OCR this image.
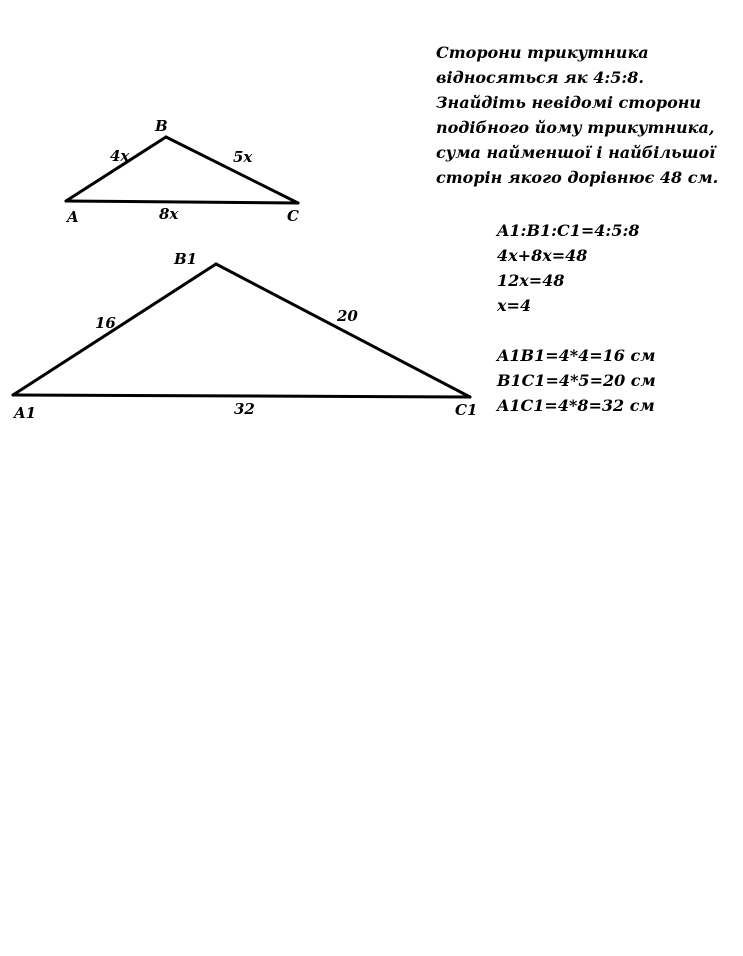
A
B
C
4x	5x
8x
A1
B1
C1
16	20
32
Сторони трикутника
відносяться як 4:5:8.
Знайдіть невідомі сторони
подібного йому трикутника,
сума найменшої і найбільшої
сторін якого дорівнює 48 см.
A1:B1:C1=4:5:8
4x+8x=48
12x=48
x=4
A1B1=4*4=16 см
B1C1=4*5=20 см
A1C1=4*8=32 см
